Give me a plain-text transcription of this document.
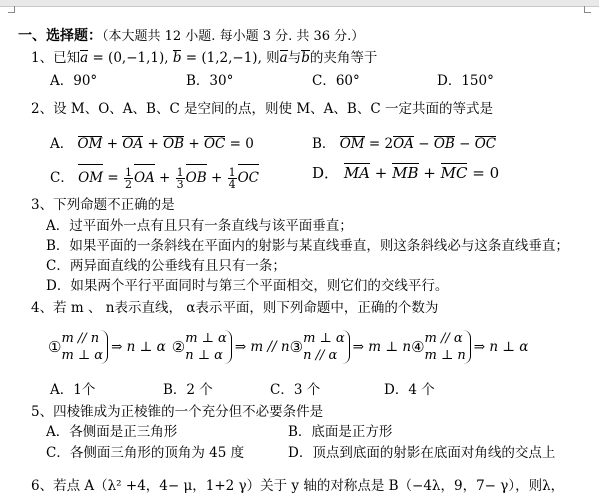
一、选择题：（本大题共 12 小题. 每小题 3 分. 共 36 分.）
1、已知a = (0,−1,1), b = (1,2,−1), 则a与b的夹角等于
A．90°	B．30°	C．60°	D．150°
2、设 M、O、A、B、C 是空间的点，则使 M、A、B、C 一定共面的等式是
A． OM + OA + OB + OC = 0	B． OM = 2OA − OB − OC
C． OM = $\frac{1}{2}$ OA + $\frac{1}{3}$ OB + $\frac{1}{4}$ OC	D． MA + MB + MC = 0
3、下列命题不正确的是
A．过平面外一点有且只有一条直线与该平面垂直；
B．如果平面的一条斜线在平面内的射影与某直线垂直，则这条斜线必与这条直线垂直；
C．两异面直线的公垂线有且只有一条；
D．如果两个平行平面同时与第三个平面相交，则它们的交线平行。
4、若 m 、 n表示直线， α表示平面，则下列命题中，正确的个数为
① m // n
m ⊥ α
⇒ n ⊥ α ② m ⊥ α
n ⊥ α
⇒ m // n ③ m ⊥ α
n // α
⇒ m ⊥ n ④ m // α
m ⊥ n
⇒ n ⊥ α
A．1个	B．2 个	C．3 个	D．4 个
5、四棱锥成为正棱锥的一个充分但不必要条件是
A．各侧面是正三角形	B．底面是正方形
C．各侧面三角形的顶角为 45 度	D．顶点到底面的射影在底面对角线的交点上
6、若点 A（λ² +4，4− μ，1+2 γ）关于 y 轴的对称点是 B（−4λ，9，7− γ），则λ，
